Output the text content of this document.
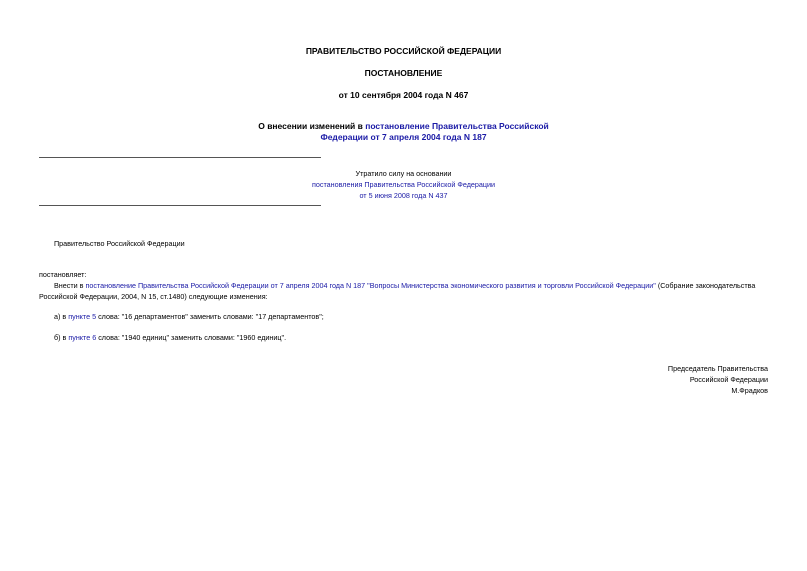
ПРАВИТЕЛЬСТВО РОССИЙСКОЙ ФЕДЕРАЦИИ
ПОСТАНОВЛЕНИЕ
от 10 сентября 2004 года N 467
О внесении изменений в постановление Правительства Российской
Федерации от 7 апреля 2004 года N 187
Утратило силу на основании
постановления Правительства Российской Федерации
от 5 июня 2008 года N 437
Правительство Российской Федерации
постановляет:
Внести в постановление Правительства Российской Федерации от 7 апреля 2004 года N 187 "Вопросы Министерства экономического развития и торговли Российской Федерации" (Собрание законодательства
Российской Федерации, 2004, N 15, ст.1480) следующие изменения:
а) в пункте 5 слова: "16 департаментов" заменить словами: "17 департаментов";
б) в пункте 6 слова: "1940 единиц" заменить словами: "1960 единиц".
Председатель Правительства
Российской Федерации
М.Фрадков
